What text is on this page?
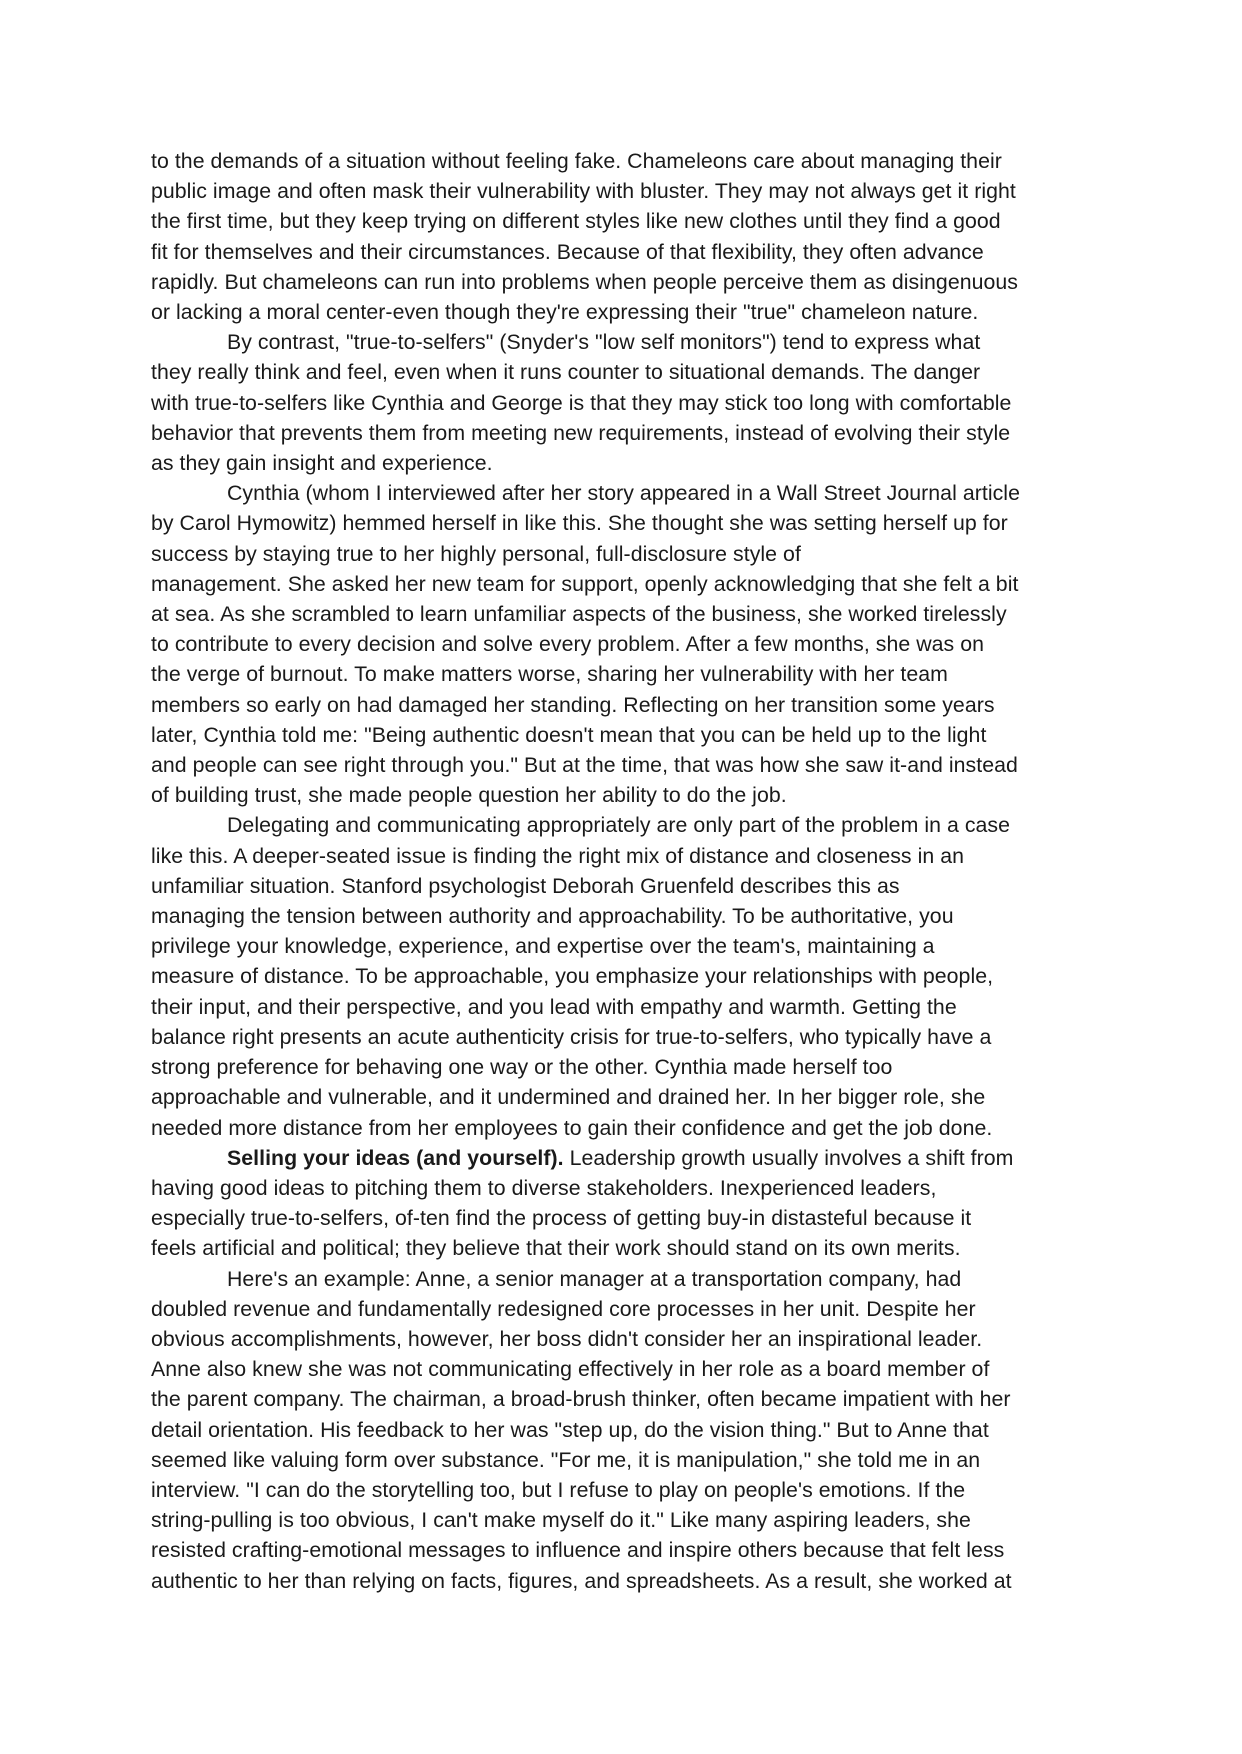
to the demands of a situation without feeling fake. Chameleons care about managing their
public image and often mask their vulnerability with bluster. They may not always get it right
the first time, but they keep trying on different styles like new clothes until they find a good
fit for themselves and their circumstances. Because of that flexibility, they often advance
rapidly. But chameleons can run into problems when people perceive them as disingenuous
or lacking a moral center-even though they're expressing their "true" chameleon nature.

By contrast, "true-to-selfers" (Snyder's "low self monitors") tend to express what
they really think and feel, even when it runs counter to situational demands. The danger
with true-to-selfers like Cynthia and George is that they may stick too long with comfortable
behavior that prevents them from meeting new requirements, instead of evolving their style
as they gain insight and experience.

Cynthia (whom I interviewed after her story appeared in a Wall Street Journal article
by Carol Hymowitz) hemmed herself in like this. She thought she was setting herself up for
success by staying true to her highly personal, full-disclosure style of
management. She asked her new team for support, openly acknowledging that she felt a bit
at sea. As she scrambled to learn unfamiliar aspects of the business, she worked tirelessly
to contribute to every decision and solve every problem. After a few months, she was on
the verge of burnout. To make matters worse, sharing her vulnerability with her team
members so early on had damaged her standing. Reflecting on her transition some years
later, Cynthia told me: "Being authentic doesn't mean that you can be held up to the light
and people can see right through you." But at the time, that was how she saw it-and instead
of building trust, she made people question her ability to do the job.

Delegating and communicating appropriately are only part of the problem in a case
like this. A deeper-seated issue is finding the right mix of distance and closeness in an
unfamiliar situation. Stanford psychologist Deborah Gruenfeld describes this as
managing the tension between authority and approachability. To be authoritative, you
privilege your knowledge, experience, and expertise over the team's, maintaining a
measure of distance. To be approachable, you emphasize your relationships with people,
their input, and their perspective, and you lead with empathy and warmth. Getting the
balance right presents an acute authenticity crisis for true-to-selfers, who typically have a
strong preference for behaving one way or the other. Cynthia made herself too
approachable and vulnerable, and it undermined and drained her. In her bigger role, she
needed more distance from her employees to gain their confidence and get the job done.

Selling your ideas (and yourself). Leadership growth usually involves a shift from
having good ideas to pitching them to diverse stakeholders. Inexperienced leaders,
especially true-to-selfers, of-ten find the process of getting buy-in distasteful because it
feels artificial and political; they believe that their work should stand on its own merits.

Here's an example: Anne, a senior manager at a transportation company, had
doubled revenue and fundamentally redesigned core processes in her unit. Despite her
obvious accomplishments, however, her boss didn't consider her an inspirational leader.
Anne also knew she was not communicating effectively in her role as a board member of
the parent company. The chairman, a broad-brush thinker, often became impatient with her
detail orientation. His feedback to her was "step up, do the vision thing." But to Anne that
seemed like valuing form over substance. "For me, it is manipulation," she told me in an
interview. "I can do the storytelling too, but I refuse to play on people's emotions. If the
string-pulling is too obvious, I can't make myself do it." Like many aspiring leaders, she
resisted crafting-emotional messages to influence and inspire others because that felt less
authentic to her than relying on facts, figures, and spreadsheets. As a result, she worked at
